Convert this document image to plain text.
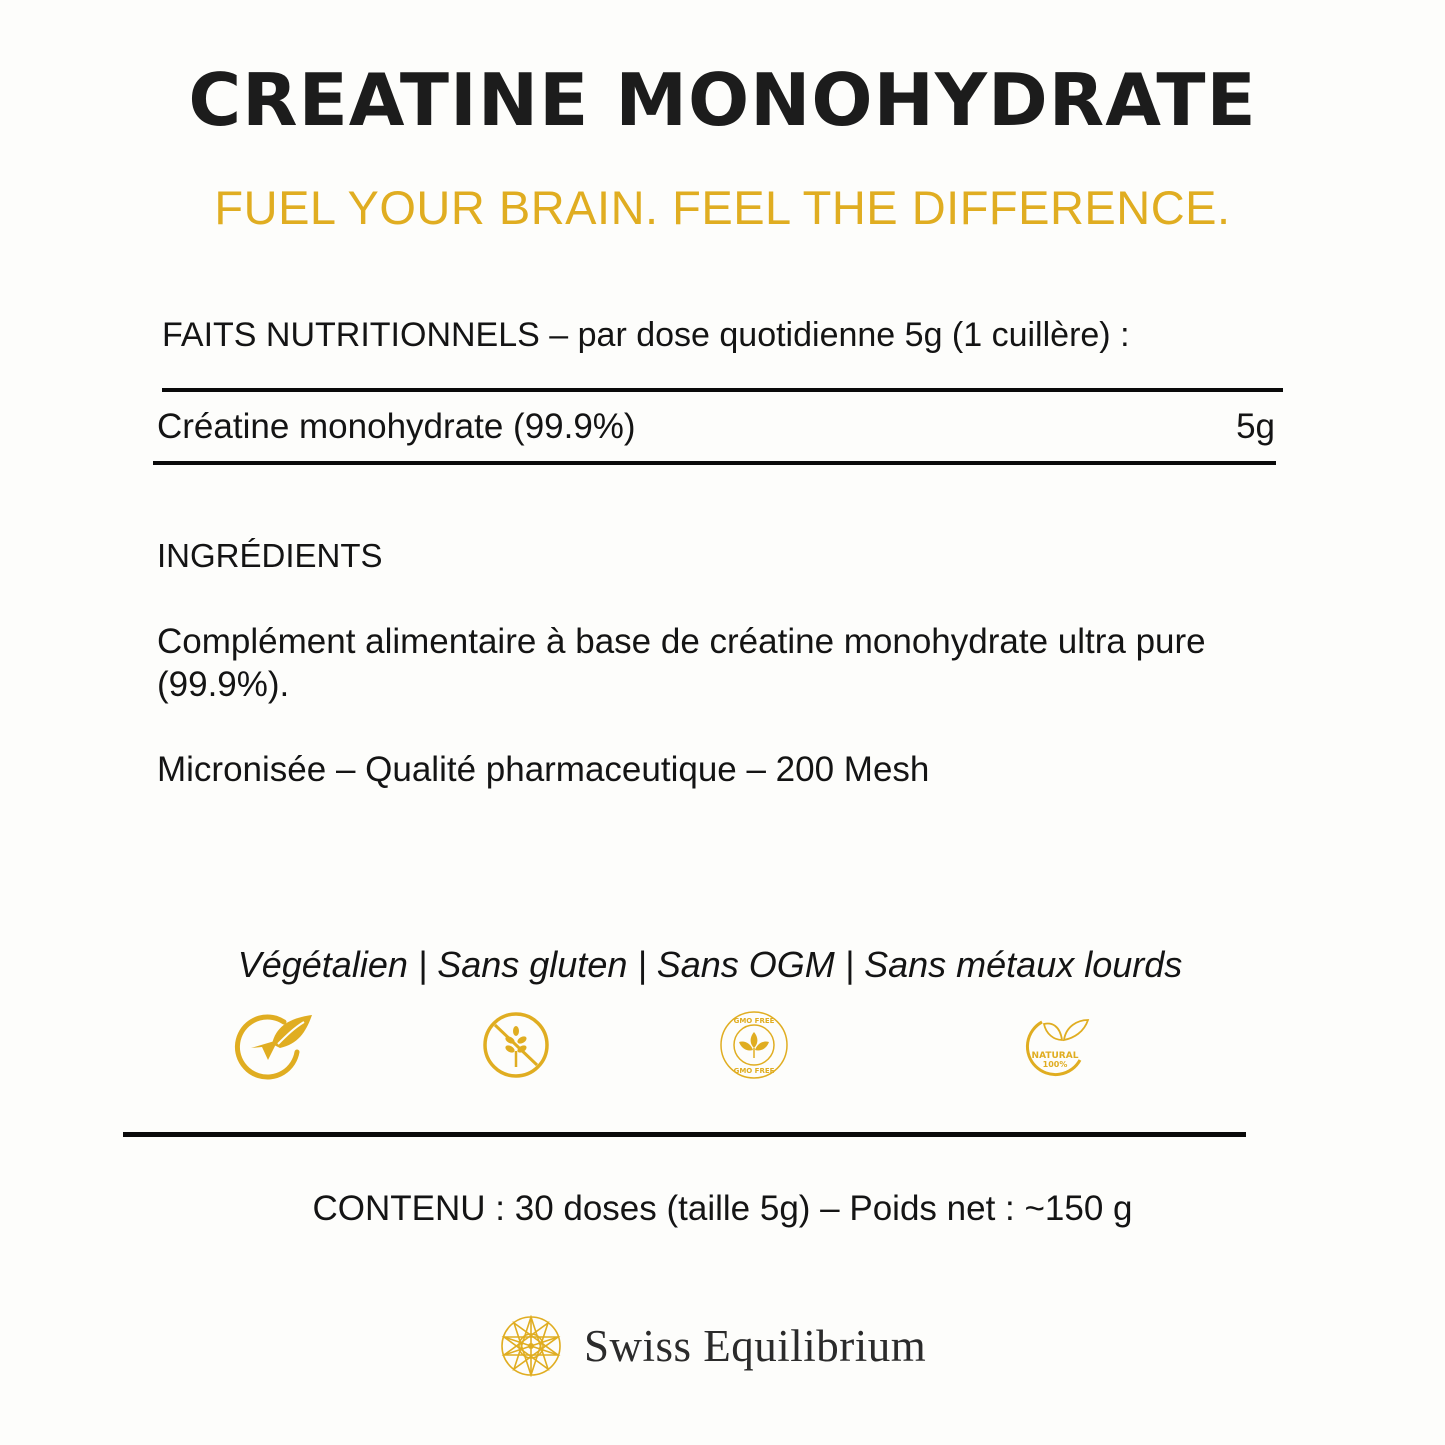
CREATINE MONOHYDRATE
FUEL YOUR BRAIN. FEEL THE DIFFERENCE.
FAITS NUTRITIONNELS – par dose quotidienne 5g (1 cuillère) :
Créatine monohydrate (99.9%)	5g
INGRÉDIENTS
Complément alimentaire à base de créatine monohydrate ultra pure (99.9%).
Micronisée – Qualité pharmaceutique – 200 Mesh
Végétalien | Sans gluten | Sans OGM | Sans métaux lourds
GMO FREE
GMO FREE
NATURAL
100%
CONTENU : 30 doses (taille 5g) – Poids net : ~150 g
Swiss Equilibrium
